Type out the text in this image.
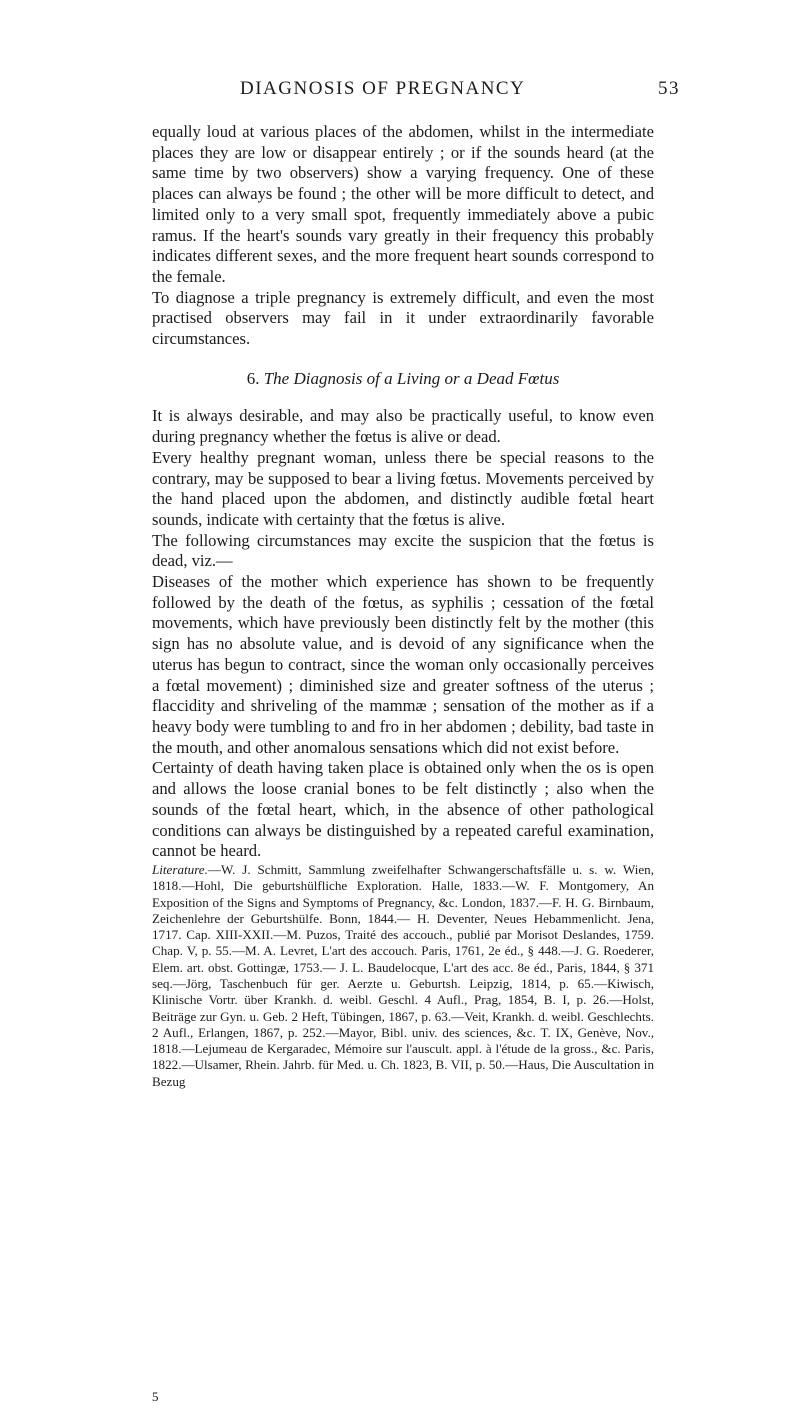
DIAGNOSIS OF PREGNANCY	53

equally loud at various places of the abdomen, whilst in the intermediate places they are low or disappear entirely ; or if the sounds heard (at the same time by two observers) show a varying frequency. One of these places can always be found ; the other will be more difficult to detect, and limited only to a very small spot, frequently immediately above a pubic ramus. If the heart's sounds vary greatly in their frequency this probably indicates different sexes, and the more frequent heart sounds correspond to the female.

To diagnose a triple pregnancy is extremely difficult, and even the most practised observers may fail in it under extraordinarily favorable circumstances.

6. The Diagnosis of a Living or a Dead Fœtus

It is always desirable, and may also be practically useful, to know even during pregnancy whether the fœtus is alive or dead.

Every healthy pregnant woman, unless there be special reasons to the contrary, may be supposed to bear a living fœtus. Movements perceived by the hand placed upon the abdomen, and distinctly audible fœtal heart sounds, indicate with certainty that the fœtus is alive.

The following circumstances may excite the suspicion that the fœtus is dead, viz.—

Diseases of the mother which experience has shown to be frequently followed by the death of the fœtus, as syphilis ; cessation of the fœtal movements, which have previously been distinctly felt by the mother (this sign has no absolute value, and is devoid of any significance when the uterus has begun to contract, since the woman only occasionally perceives a fœtal movement) ; diminished size and greater softness of the uterus ; flaccidity and shriveling of the mammæ ; sensation of the mother as if a heavy body were tumbling to and fro in her abdomen ; debility, bad taste in the mouth, and other anomalous sensations which did not exist before.

Certainty of death having taken place is obtained only when the os is open and allows the loose cranial bones to be felt distinctly ; also when the sounds of the fœtal heart, which, in the absence of other pathological conditions can always be distinguished by a repeated careful examination, cannot be heard.

Literature.—W. J. Schmitt, Sammlung zweifelhafter Schwangerschaftsfälle u. s. w. Wien, 1818.—Hohl, Die geburtshülfliche Exploration. Halle, 1833.—W. F. Montgomery, An Exposition of the Signs and Symptoms of Pregnancy, &c. London, 1837.—F. H. G. Birnbaum, Zeichenlehre der Geburtshülfe. Bonn, 1844.— H. Deventer, Neues Hebammenlicht. Jena, 1717. Cap. XIII-XXII.—M. Puzos, Traité des accouch., publié par Morisot Deslandes, 1759. Chap. V, p. 55.—M. A. Levret, L'art des accouch. Paris, 1761, 2e éd., § 448.—J. G. Roederer, Elem. art. obst. Gottingæ, 1753.— J. L. Baudelocque, L'art des acc. 8e éd., Paris, 1844, § 371 seq.—Jörg, Taschenbuch für ger. Aerzte u. Geburtsh. Leipzig, 1814, p. 65.—Kiwisch, Klinische Vortr. über Krankh. d. weibl. Geschl. 4 Aufl., Prag, 1854, B. I, p. 26.—Holst, Beiträge zur Gyn. u. Geb. 2 Heft, Tübingen, 1867, p. 63.—Veit, Krankh. d. weibl. Geschlechts. 2 Aufl., Erlangen, 1867, p. 252.—Mayor, Bibl. univ. des sciences, &c. T. IX, Genève, Nov., 1818.—Lejumeau de Kergaradec, Mémoire sur l'auscult. appl. à l'étude de la gross., &c. Paris, 1822.—Ulsamer, Rhein. Jahrb. für Med. u. Ch. 1823, B. VII, p. 50.—Haus, Die Auscultation in Bezug

5
